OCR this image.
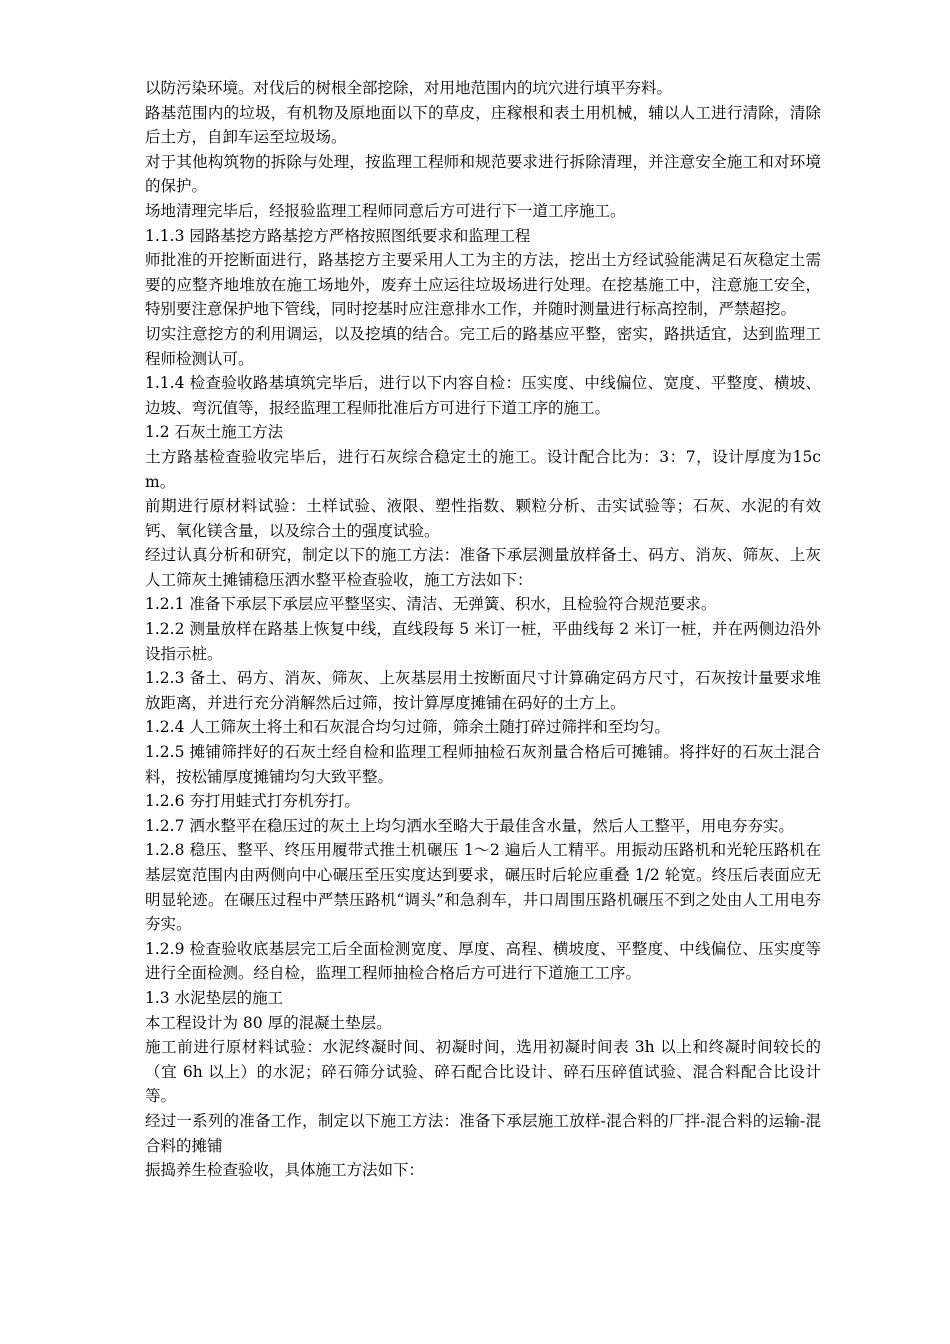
以防污染环境。对伐后的树根全部挖除，对用地范围内的坑穴进行填平夯料。

路基范围内的垃圾，有机物及原地面以下的草皮，庄稼根和表土用机械，辅以人工进行清除，清除后土方，自卸车运至垃圾场。

对于其他构筑物的拆除与处理，按监理工程师和规范要求进行拆除清理，并注意安全施工和对环境的保护。

场地清理完毕后，经报验监理工程师同意后方可进行下一道工序施工。

1.1.3 园路基挖方路基挖方严格按照图纸要求和监理工程

师批准的开挖断面进行，路基挖方主要采用人工为主的方法，挖出土方经试验能满足石灰稳定土需要的应整齐地堆放在施工场地外，废弃土应运往垃圾场进行处理。在挖基施工中，注意施工安全，特别要注意保护地下管线，同时挖基时应注意排水工作，并随时测量进行标高控制，严禁超挖。

切实注意挖方的利用调运，以及挖填的结合。完工后的路基应平整，密实，路拱适宜，达到监理工程师检测认可。

1.1.4 检查验收路基填筑完毕后，进行以下内容自检：压实度、中线偏位、宽度、平整度、横坡、边坡、弯沉值等，报经监理工程师批准后方可进行下道工序的施工。

1.2 石灰土施工方法

土方路基检查验收完毕后，进行石灰综合稳定土的施工。设计配合比为：3：7，设计厚度为15cm。

前期进行原材料试验：土样试验、液限、塑性指数、颗粒分析、击实试验等；石灰、水泥的有效钙、氧化镁含量，以及综合土的强度试验。

经过认真分析和研究，制定以下的施工方法：准备下承层测量放样备土、码方、消灰、筛灰、上灰人工筛灰土摊铺稳压洒水整平检查验收，施工方法如下：

1.2.1 准备下承层下承层应平整坚实、清洁、无弹簧、积水，且检验符合规范要求。

1.2.2 测量放样在路基上恢复中线，直线段每 5 米订一桩，平曲线每 2 米订一桩，并在两侧边沿外设指示桩。

1.2.3 备土、码方、消灰、筛灰、上灰基层用土按断面尺寸计算确定码方尺寸，石灰按计量要求堆放距离，并进行充分消解然后过筛，按计算厚度摊铺在码好的土方上。

1.2.4 人工筛灰土将土和石灰混合均匀过筛，筛余土随打碎过筛拌和至均匀。

1.2.5 摊铺筛拌好的石灰土经自检和监理工程师抽检石灰剂量合格后可摊铺。将拌好的石灰土混合料，按松铺厚度摊铺均匀大致平整。

1.2.6 夯打用蛙式打夯机夯打。

1.2.7 洒水整平在稳压过的灰土上均匀洒水至略大于最佳含水量，然后人工整平，用电夯夯实。

1.2.8 稳压、整平、终压用履带式推土机碾压 1～2 遍后人工精平。用振动压路机和光轮压路机在基层宽范围内由两侧向中心碾压至压实度达到要求，碾压时后轮应重叠 1/2 轮宽。终压后表面应无明显轮迹。在碾压过程中严禁压路机“调头”和急刹车，井口周围压路机碾压不到之处由人工用电夯夯实。

1.2.9 检查验收底基层完工后全面检测宽度、厚度、高程、横坡度、平整度、中线偏位、压实度等进行全面检测。经自检，监理工程师抽检合格后方可进行下道施工工序。

1.3 水泥垫层的施工

本工程设计为 80 厚的混凝土垫层。

施工前进行原材料试验：水泥终凝时间、初凝时间，选用初凝时间表 3h 以上和终凝时间较长的（宜 6h 以上）的水泥；碎石筛分试验、碎石配合比设计、碎石压碎值试验、混合料配合比设计等。

经过一系列的准备工作，制定以下施工方法：准备下承层施工放样-混合料的厂拌-混合料的运输-混合料的摊铺

振捣养生检查验收，具体施工方法如下：
